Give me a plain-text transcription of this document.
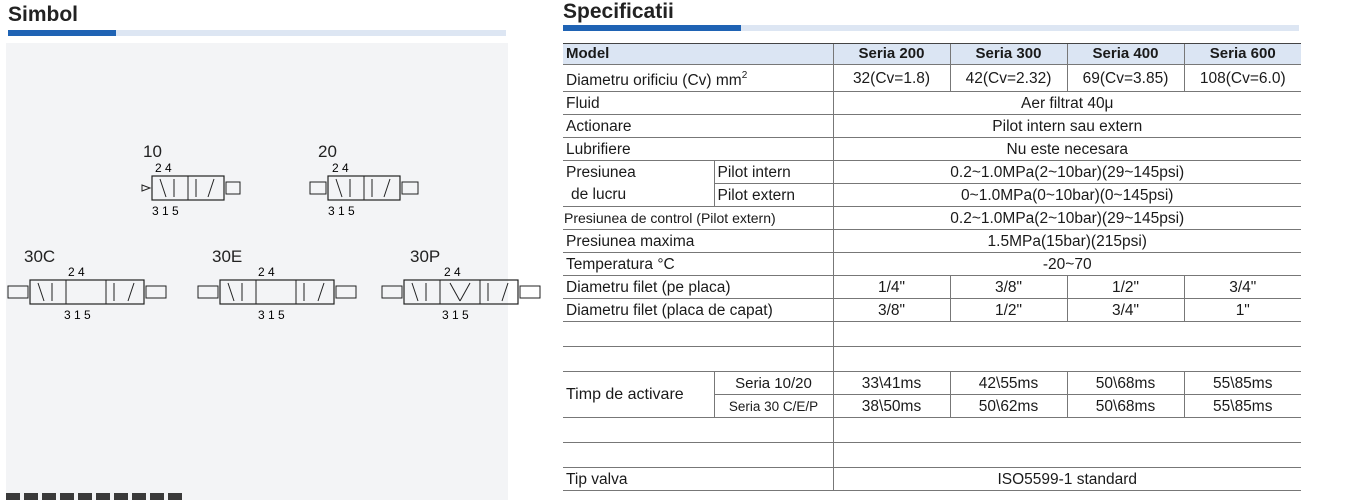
Simbol	Specificatii
10
2 4
3 1 5
20
2 4
3 1 5
30C
2 4
3 1 5
30E
2 4
3 1 5
30P
2 4
3 1 5
Model		Seria 200	Seria 300	Seria 400	Seria 600
Diametru orificiu (Cv) $mm^2$		32(Cv=1.8)	42(Cv=2.32)	69(Cv=3.85)	108(Cv=6.0)
Fluid		Aer filtrat 40μ			
Actionare		Pilot intern sau extern			
Lubrifiere		Nu este necesara			
Presiunea	Pilot intern	0.2~1.0MPa(2~10bar)(29~145psi)			
de lucru	Pilot extern	0~1.0MPa(0~10bar)(0~145psi)			
Presiunea de control (Pilot extern)		0.2~1.0MPa(2~10bar)(29~145psi)			
Presiunea maxima		1.5MPa(15bar)(215psi)			
Temperatura °C		-20~70			
Diametru filet (pe placa)		1/4"	3/8"	1/2"	3/4"
Diametru filet (placa de capat)		3/8"	1/2"	3/4"	1"

Timp de activare	Seria 10/20	33\41ms	42\55ms	50\68ms	55\85ms
	Seria 30 C/E/P	38\50ms	50\62ms	50\68ms	55\85ms

Tip valva		ISO5599-1 standard			
